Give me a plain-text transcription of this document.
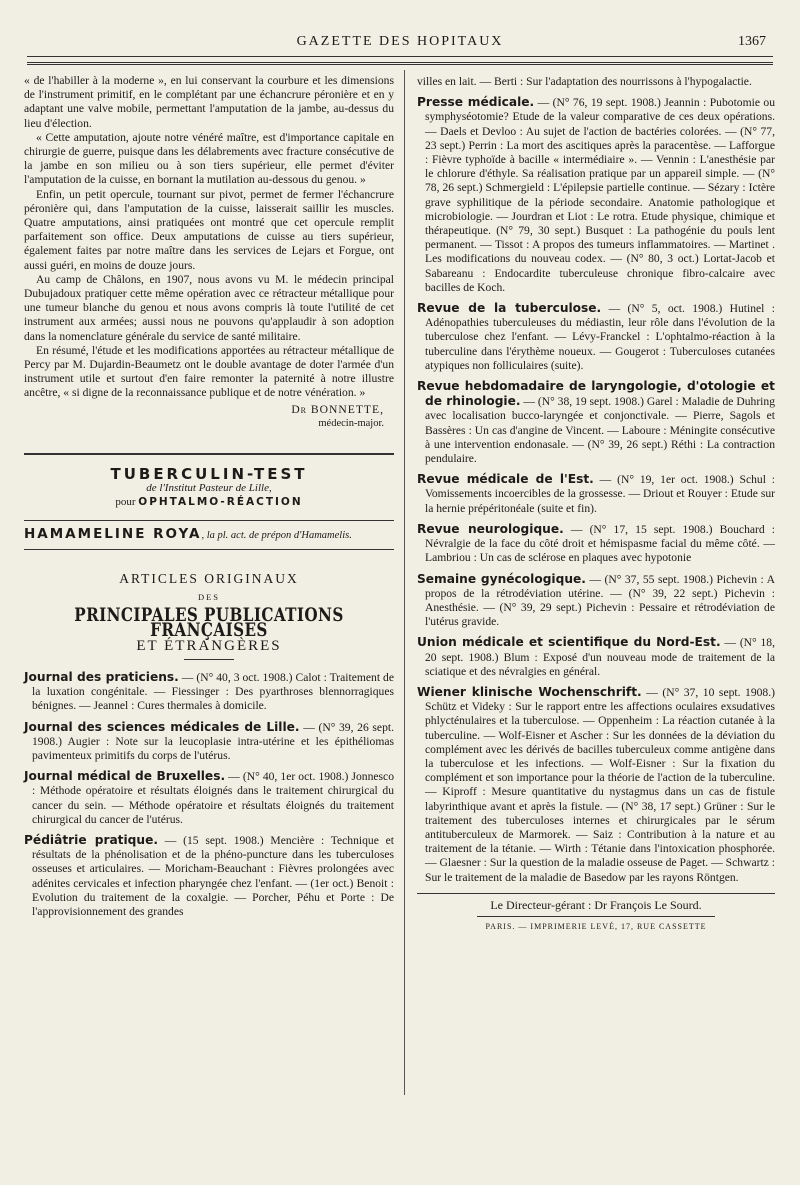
GAZETTE DES HOPITAUX	1367

« de l'habiller à la moderne », en lui conservant la courbure et les dimensions de l'instrument primitif, en le complétant par une échancrure péronière et en y adaptant une valve mobile, permettant l'amputation de la jambe, au-dessus du lieu d'élection.

« Cette amputation, ajoute notre vénéré maître, est d'importance capitale en chirurgie de guerre, puisque dans les délabrements avec fracture consécutive de la jambe en son milieu ou à son tiers supérieur, elle permet d'éviter l'amputation de la cuisse, en bornant la mutilation au-dessous du genou. »

Enfin, un petit opercule, tournant sur pivot, permet de fermer l'échancrure péronière qui, dans l'amputation de la cuisse, laisserait saillir les muscles. Quatre amputations, ainsi pratiquées ont montré que cet opercule remplit parfaitement son office. Deux amputations de cuisse au tiers supérieur, également faites par notre maître dans les services de Lejars et Forgue, ont aussi guéri, en moins de douze jours.

Au camp de Châlons, en 1907, nous avons vu M. le médecin principal Dubujadoux pratiquer cette même opération avec ce rétracteur métallique pour une tumeur blanche du genou et nous avons compris là toute l'utilité de cet instrument aux armées; aussi nous ne pouvons qu'applaudir à son adoption dans la nomenclature générale du service de santé militaire.

En résumé, l'étude et les modifications apportées au rétracteur métallique de Percy par M. Dujardin-Beaumetz ont le double avantage de doter l'armée d'un instrument utile et surtout d'en faire remonter la paternité à notre illustre ancêtre, « si digne de la reconnaissance publique et de notre vénération. »

Dr BONNETTE,
médecin-major.
TUBERCULIN-TEST
de l'Institut Pasteur de Lille,
pour OPHTALMO-RÉACTION

HAMAMELINE ROYA, la pl. act. de prépon d'Hamamelis.

ARTICLES ORIGINAUX
DES
PRINCIPALES PUBLICATIONS FRANÇAISES
ET ÉTRANGÈRES

Journal des praticiens. — (N° 40, 3 oct. 1908.) Calot : Traitement de la luxation congénitale. — Fiessinger : Des pyarthroses blennorragiques bénignes. — Jeannel : Cures thermales à domicile.

Journal des sciences médicales de Lille. — (N° 39, 26 sept. 1908.) Augier : Note sur la leucoplasie intra-utérine et les épithéliomas pavimenteux primitifs du corps de l'utérus.

Journal médical de Bruxelles. — (N° 40, 1er oct. 1908.) Jonnesco : Méthode opératoire et résultats éloignés dans le traitement chirurgical du cancer du sein. — Méthode opératoire et résultats éloignés du traitement chirurgical du cancer de l'utérus.

Pédiâtrie pratique. — (15 sept. 1908.) Mencière : Technique et résultats de la phénolisation et de la phéno-puncture dans les tuberculoses osseuses et articulaires. — Moricham-Beauchant : Fièvres prolongées avec adénites cervicales et infection pharyngée chez l'enfant. — (1er oct.) Benoit : Evolution du traitement de la coxalgie. — Porcher, Péhu et Porte : De l'approvisionnement des grandes

villes en lait. — Berti : Sur l'adaptation des nourrissons à l'hypogalactie.

Presse médicale. — (N° 76, 19 sept. 1908.) Jeannin : Pubotomie ou symphyséotomie? Etude de la valeur comparative de ces deux opérations. — Daels et Devloo : Au sujet de l'action de bactéries colorées. — (N° 77, 23 sept.) Perrin : La mort des ascitiques après la paracentèse. — Lafforgue : Fièvre typhoïde à bacille « intermédiaire ». — Vennin : L'anesthésie par le chlorure d'éthyle. Sa réalisation pratique par un appareil simple. — (N° 78, 26 sept.) Schmergield : L'épilepsie partielle continue. — Sézary : Ictère grave syphilitique de la période secondaire. Anatomie pathologique et microbiologie. — Jourdran et Liot : Le rotra. Etude physique, chimique et thérapeutique. (N° 79, 30 sept.) Busquet : La pathogénie du pouls lent permanent. — Tissot : A propos des tumeurs inflammatoires. — Martinet . Les modifications du nouveau codex. — (N° 80, 3 oct.) Lortat-Jacob et Sabareanu : Endocardite tuberculeuse chronique fibro-calcaire avec bacilles de Koch.

Revue de la tuberculose. — (N° 5, oct. 1908.) Hutinel : Adénopathies tuberculeuses du médiastin, leur rôle dans l'évolution de la tuberculose chez l'enfant. — Lévy-Franckel : L'ophtalmo-réaction à la tuberculine dans l'érythème noueux. — Gougerot : Tuberculoses cutanées atypiques non folliculaires (suite).

Revue hebdomadaire de laryngologie, d'otologie et de rhinologie. — (N° 38, 19 sept. 1908.) Garel : Maladie de Duhring avec localisation bucco-laryngée et conjonctivale. — Pierre, Sagols et Bassères : Un cas d'angine de Vincent. — Laboure : Méningite consécutive à une intervention endonasale. — (N° 39, 26 sept.) Réthi : La contraction pendulaire.

Revue médicale de l'Est. — (N° 19, 1er oct. 1908.) Schul : Vomissements incoercibles de la grossesse. — Driout et Rouyer : Etude sur la hernie prépéritonéale (suite et fin).

Revue neurologique. — (N° 17, 15 sept. 1908.) Bouchard : Névralgie de la face du côté droit et hémispasme facial du même côté. — Lambriou : Un cas de sclérose en plaques avec hypotonie

Semaine gynécologique. — (N° 37, 55 sept. 1908.) Pichevin : A propos de la rétrodéviation utérine. — (N° 39, 22 sept.) Pichevin : Anesthésie. — (N° 39, 29 sept.) Pichevin : Pessaire et rétrodéviation de l'utérus gravide.

Union médicale et scientifique du Nord-Est. — (N° 18, 20 sept. 1908.) Blum : Exposé d'un nouveau mode de traitement de la sciatique et des névralgies en général.

Wiener klinische Wochenschrift. — (N° 37, 10 sept. 1908.) Schütz et Videky : Sur le rapport entre les affections oculaires exsudatives phlycténulaires et la tuberculose. — Oppenheim : La réaction cutanée à la tuberculine. — Wolf-Eisner et Ascher : Sur les données de la déviation du complément avec les dérivés de bacilles tuberculeux comme antigène dans la tuberculose et les infections. — Wolf-Eisner : Sur la fixation du complément et son importance pour la théorie de l'action de la tuberculine. — Kiproff : Mesure quantitative du nystagmus dans un cas de fistule labyrinthique avant et après la fistule. — (N° 38, 17 sept.) Grüner : Sur le traitement des tuberculoses internes et chirurgicales par le sérum antituberculeux de Marmorek. — Saiz : Contribution à la nature et au traitement de la tétanie. — Wirth : Tétanie dans l'intoxication phosphorée. — Glaesner : Sur la question de la maladie osseuse de Paget. — Schwartz : Sur le traitement de la maladie de Basedow par les rayons Röntgen.

Le Directeur-gérant : Dr François Le Sourd.
PARIS. — IMPRIMERIE LEVÉ, 17, RUE CASSETTE
